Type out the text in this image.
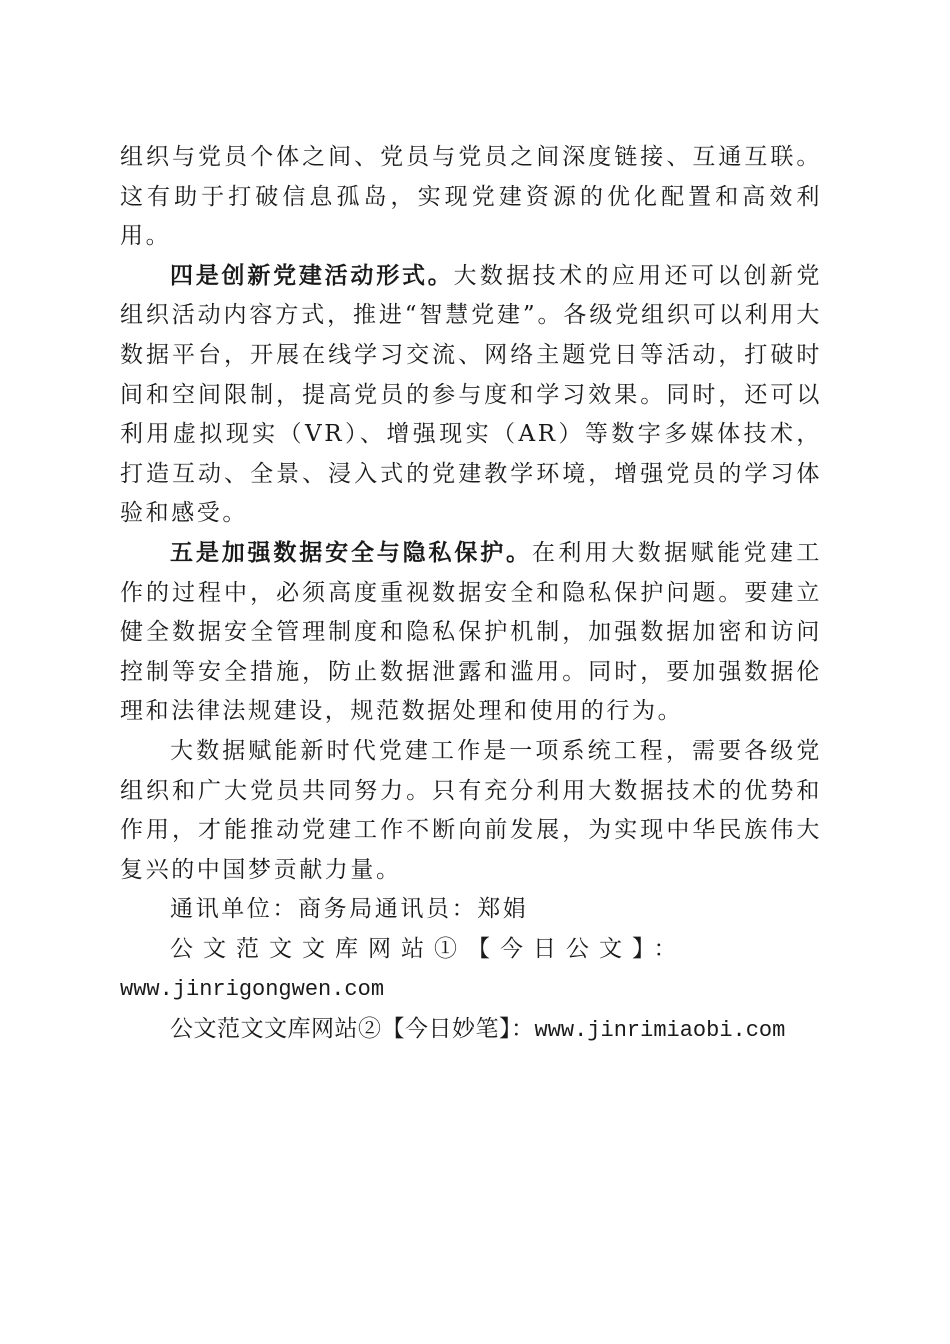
组织与党员个体之间、党员与党员之间深度链接、互通互联。这有助于打破信息孤岛，实现党建资源的优化配置和高效利用。

四是创新党建活动形式。大数据技术的应用还可以创新党组织活动内容方式，推进“智慧党建”。各级党组织可以利用大数据平台，开展在线学习交流、网络主题党日等活动，打破时间和空间限制，提高党员的参与度和学习效果。同时，还可以利用虚拟现实（VR）、增强现实（AR）等数字多媒体技术，打造互动、全景、浸入式的党建教学环境，增强党员的学习体验和感受。

五是加强数据安全与隐私保护。在利用大数据赋能党建工作的过程中，必须高度重视数据安全和隐私保护问题。要建立健全数据安全管理制度和隐私保护机制，加强数据加密和访问控制等安全措施，防止数据泄露和滥用。同时，要加强数据伦理和法律法规建设，规范数据处理和使用的行为。

大数据赋能新时代党建工作是一项系统工程，需要各级党组织和广大党员共同努力。只有充分利用大数据技术的优势和作用，才能推动党建工作不断向前发展，为实现中华民族伟大复兴的中国梦贡献力量。

通讯单位：商务局通讯员：郑娟

公文范文文库网站①【今日公文】：

www.jinrigongwen.com

公文范文文库网站②【今日妙笔】：www.jinrimiaobi.com
